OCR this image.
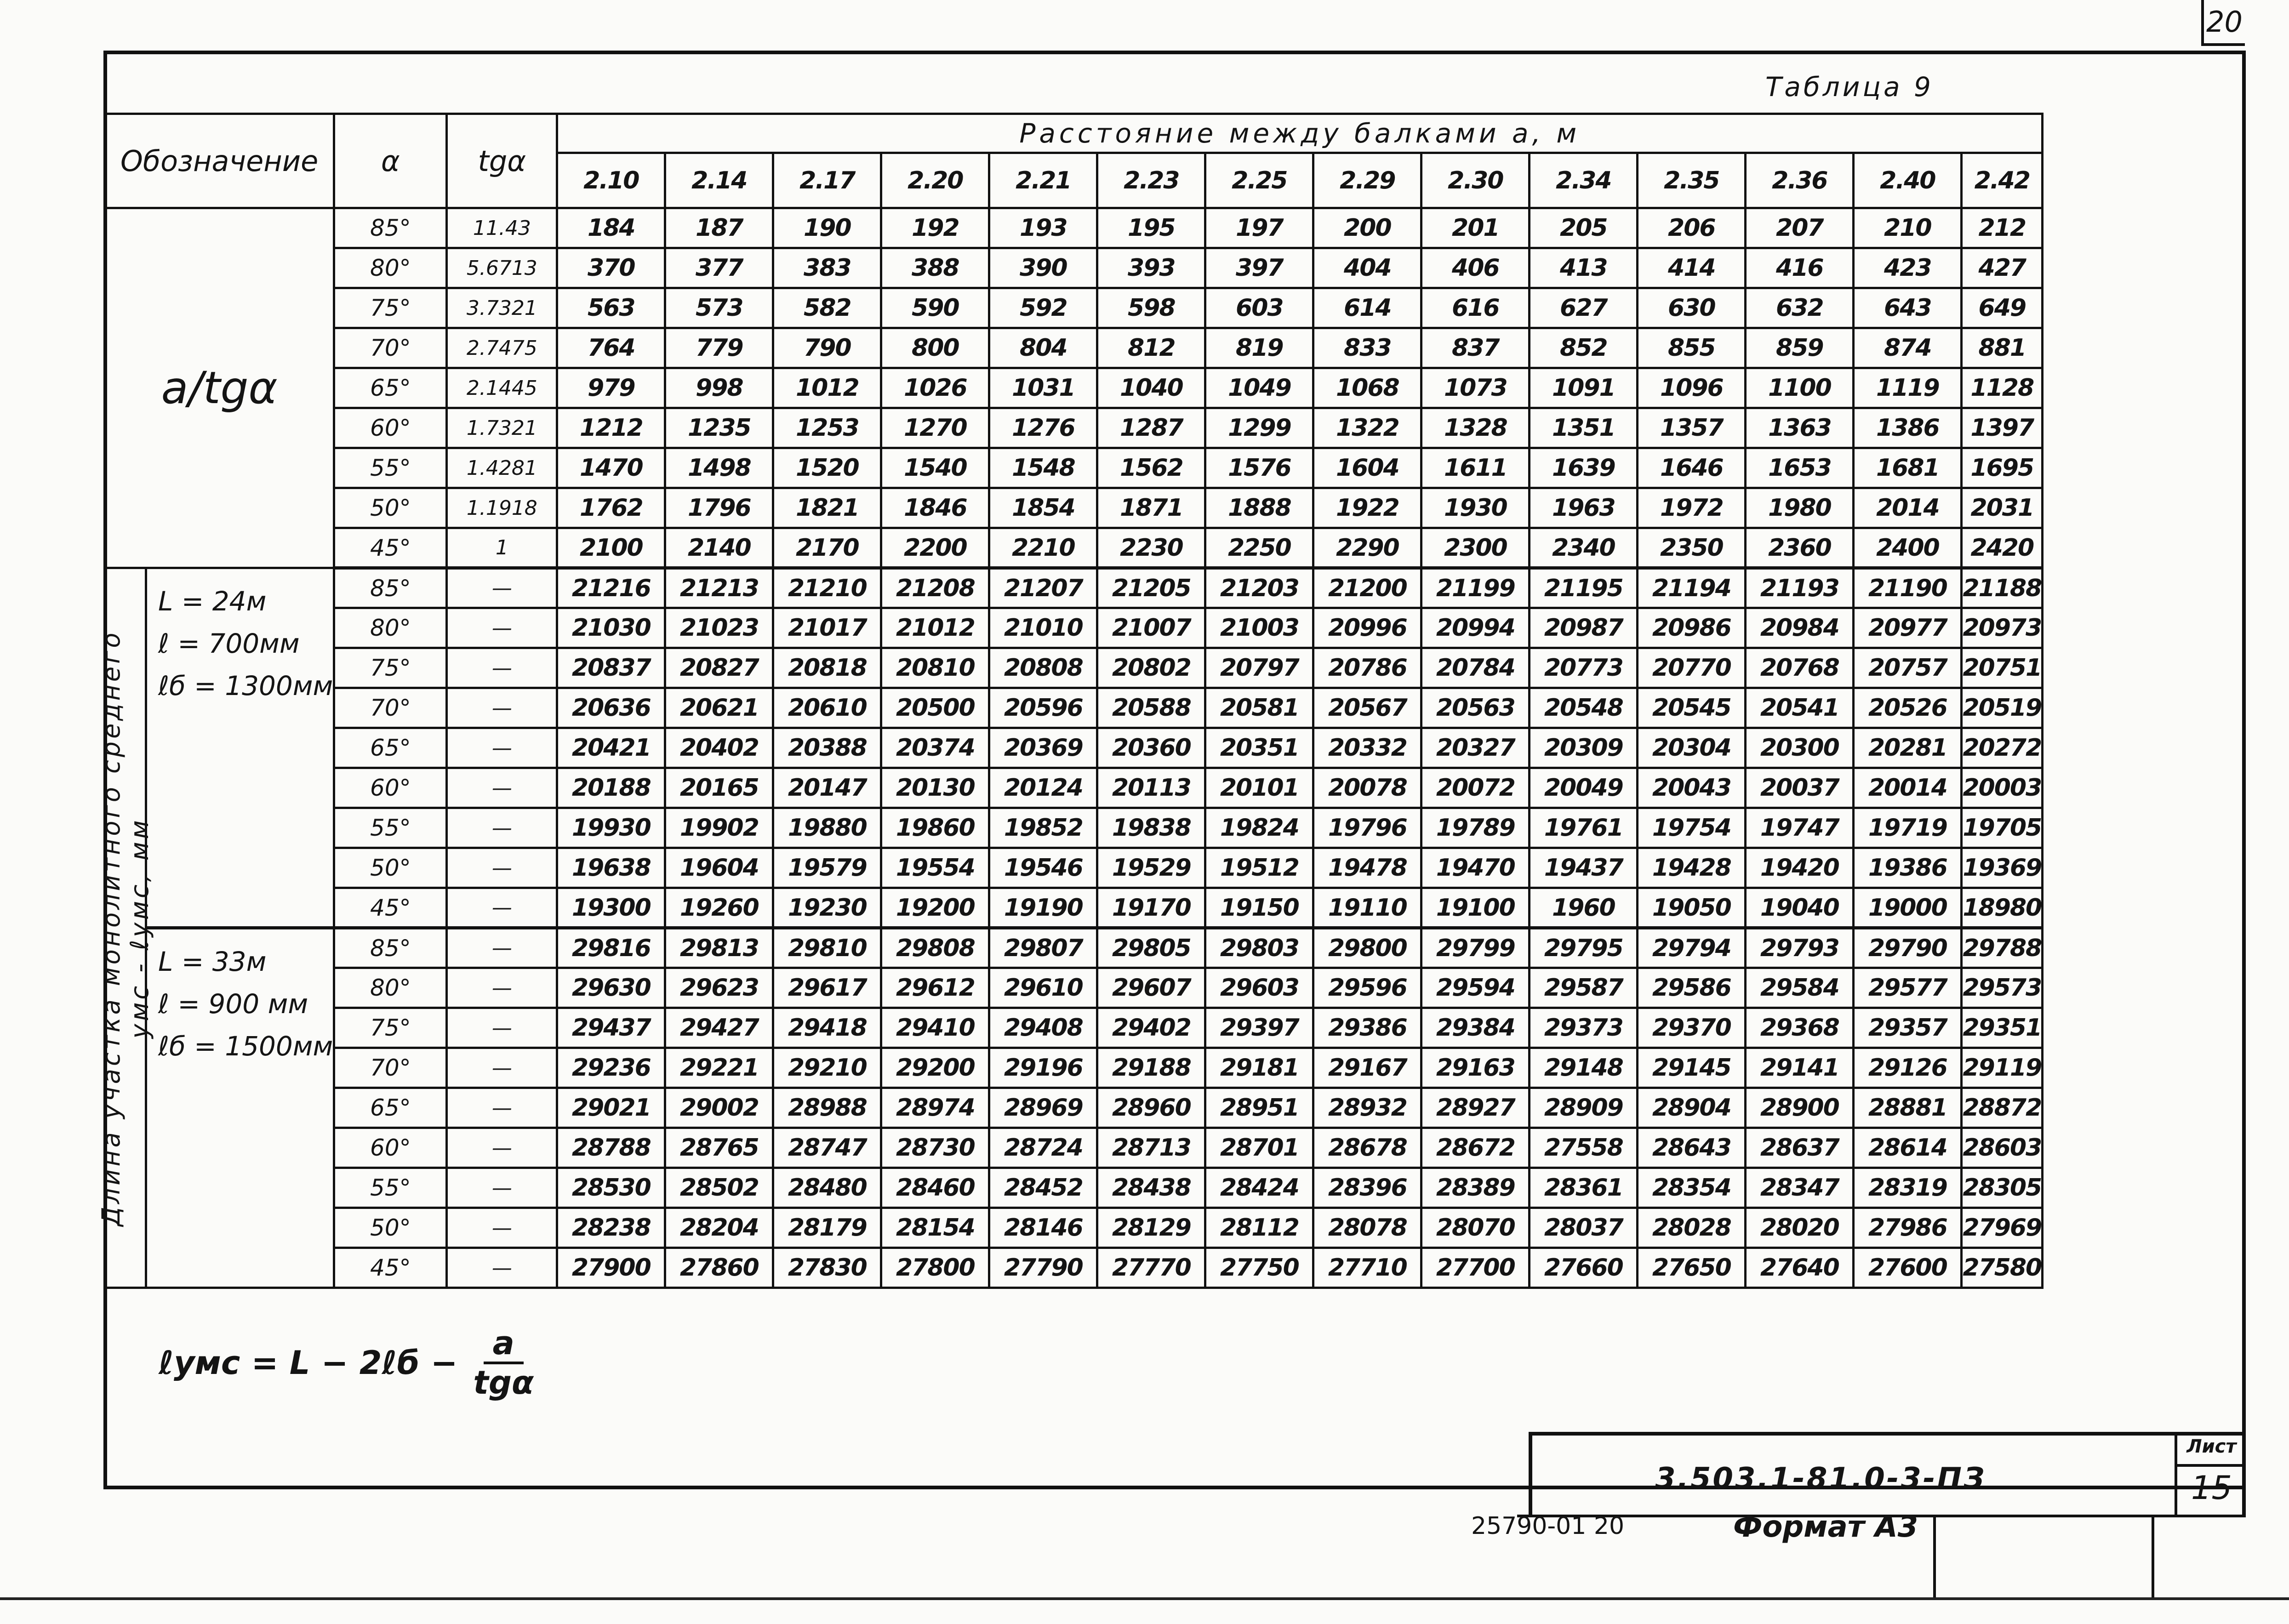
20
Таблица 9
Обозначение		α	tgα	Расстояние между балками a, м													
				2.10	2.14	2.17	2.20	2.21	2.23	2.25	2.29	2.30	2.34	2.35	2.36	2.40	2.42
a/tgα		85°	11.43	184	187	190	192	193	195	197	200	201	205	206	207	210	212
		80°	5.6713	370	377	383	388	390	393	397	404	406	413	414	416	423	427
		75°	3.7321	563	573	582	590	592	598	603	614	616	627	630	632	643	649
		70°	2.7475	764	779	790	800	804	812	819	833	837	852	855	859	874	881
		65°	2.1445	979	998	1012	1026	1031	1040	1049	1068	1073	1091	1096	1100	1119	1128
		60°	1.7321	1212	1235	1253	1270	1276	1287	1299	1322	1328	1351	1357	1363	1386	1397
		55°	1.4281	1470	1498	1520	1540	1548	1562	1576	1604	1611	1639	1646	1653	1681	1695
		50°	1.1918	1762	1796	1821	1846	1854	1871	1888	1922	1930	1963	1972	1980	2014	2031
		45°	1	2100	2140	2170	2200	2210	2230	2250	2290	2300	2340	2350	2360	2400	2420

Длина участка монолитного среднего
умс - ℓумс, мм	L = 24м
ℓ = 700мм
ℓб = 1300мм	85°	—	21216	21213	21210	21208	21207	21205	21203	21200	21199	21195	21194	21193	21190	21188
		80°	—	21030	21023	21017	21012	21010	21007	21003	20996	20994	20987	20986	20984	20977	20973
		75°	—	20837	20827	20818	20810	20808	20802	20797	20786	20784	20773	20770	20768	20757	20751
		70°	—	20636	20621	20610	20500	20596	20588	20581	20567	20563	20548	20545	20541	20526	20519
		65°	—	20421	20402	20388	20374	20369	20360	20351	20332	20327	20309	20304	20300	20281	20272
		60°	—	20188	20165	20147	20130	20124	20113	20101	20078	20072	20049	20043	20037	20014	20003
		55°	—	19930	19902	19880	19860	19852	19838	19824	19796	19789	19761	19754	19747	19719	19705
		50°	—	19638	19604	19579	19554	19546	19529	19512	19478	19470	19437	19428	19420	19386	19369
		45°	—	19300	19260	19230	19200	19190	19170	19150	19110	19100	1960	19050	19040	19000	18980
	L = 33м
ℓ = 900 мм
ℓб = 1500мм	85°	—	29816	29813	29810	29808	29807	29805	29803	29800	29799	29795	29794	29793	29790	29788
		80°	—	29630	29623	29617	29612	29610	29607	29603	29596	29594	29587	29586	29584	29577	29573
		75°	—	29437	29427	29418	29410	29408	29402	29397	29386	29384	29373	29370	29368	29357	29351
		70°	—	29236	29221	29210	29200	29196	29188	29181	29167	29163	29148	29145	29141	29126	29119
		65°	—	29021	29002	28988	28974	28969	28960	28951	28932	28927	28909	28904	28900	28881	28872
		60°	—	28788	28765	28747	28730	28724	28713	28701	28678	28672	27558	28643	28637	28614	28603
		55°	—	28530	28502	28480	28460	28452	28438	28424	28396	28389	28361	28354	28347	28319	28305
		50°	—	28238	28204	28179	28154	28146	28129	28112	28078	28070	28037	28028	28020	27986	27969
		45°	—	27900	27860	27830	27800	27790	27770	27750	27710	27700	27660	27650	27640	27600	27580
ℓумс = L − 2ℓб − $\frac{a}{\text{tgα}}$
3.503.1-81.0-3-ПЗ
Лист
15
25790-01 20	Формат А3
